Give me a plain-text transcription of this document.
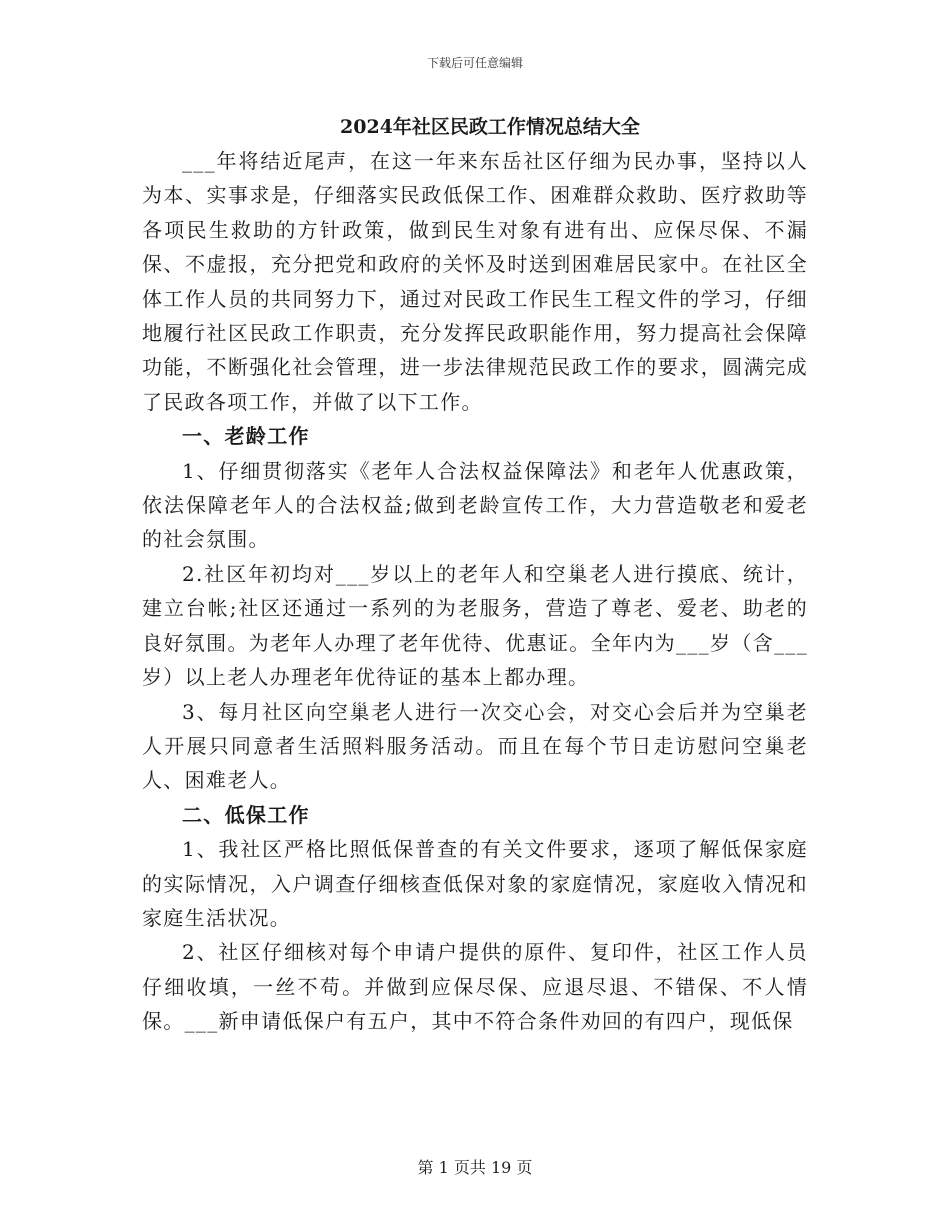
下载后可任意编辑
2024年社区民政工作情况总结大全

___年将结近尾声，在这一年来东岳社区仔细为民办事，坚持以人为本、实事求是，仔细落实民政低保工作、困难群众救助、医疗救助等各项民生救助的方针政策，做到民生对象有进有出、应保尽保、不漏保、不虚报，充分把党和政府的关怀及时送到困难居民家中。在社区全体工作人员的共同努力下，通过对民政工作民生工程文件的学习，仔细地履行社区民政工作职责，充分发挥民政职能作用，努力提高社会保障功能，不断强化社会管理，进一步法律规范民政工作的要求，圆满完成了民政各项工作，并做了以下工作。

一、老龄工作

1、仔细贯彻落实《老年人合法权益保障法》和老年人优惠政策，依法保障老年人的合法权益;做到老龄宣传工作，大力营造敬老和爱老的社会氛围。

2.社区年初均对___岁以上的老年人和空巢老人进行摸底、统计，建立台帐;社区还通过一系列的为老服务，营造了尊老、爱老、助老的良好氛围。为老年人办理了老年优待、优惠证。全年内为___岁（含___岁）以上老人办理老年优待证的基本上都办理。

3、每月社区向空巢老人进行一次交心会，对交心会后并为空巢老人开展只同意者生活照料服务活动。而且在每个节日走访慰问空巢老人、困难老人。

二、低保工作

1、我社区严格比照低保普查的有关文件要求，逐项了解低保家庭的实际情况，入户调查仔细核查低保对象的家庭情况，家庭收入情况和家庭生活状况。

2、社区仔细核对每个申请户提供的原件、复印件，社区工作人员仔细收填，一丝不苟。并做到应保尽保、应退尽退、不错保、不人情保。___新申请低保户有五户，其中不符合条件劝回的有四户，现低保

第 1 页共 19 页
